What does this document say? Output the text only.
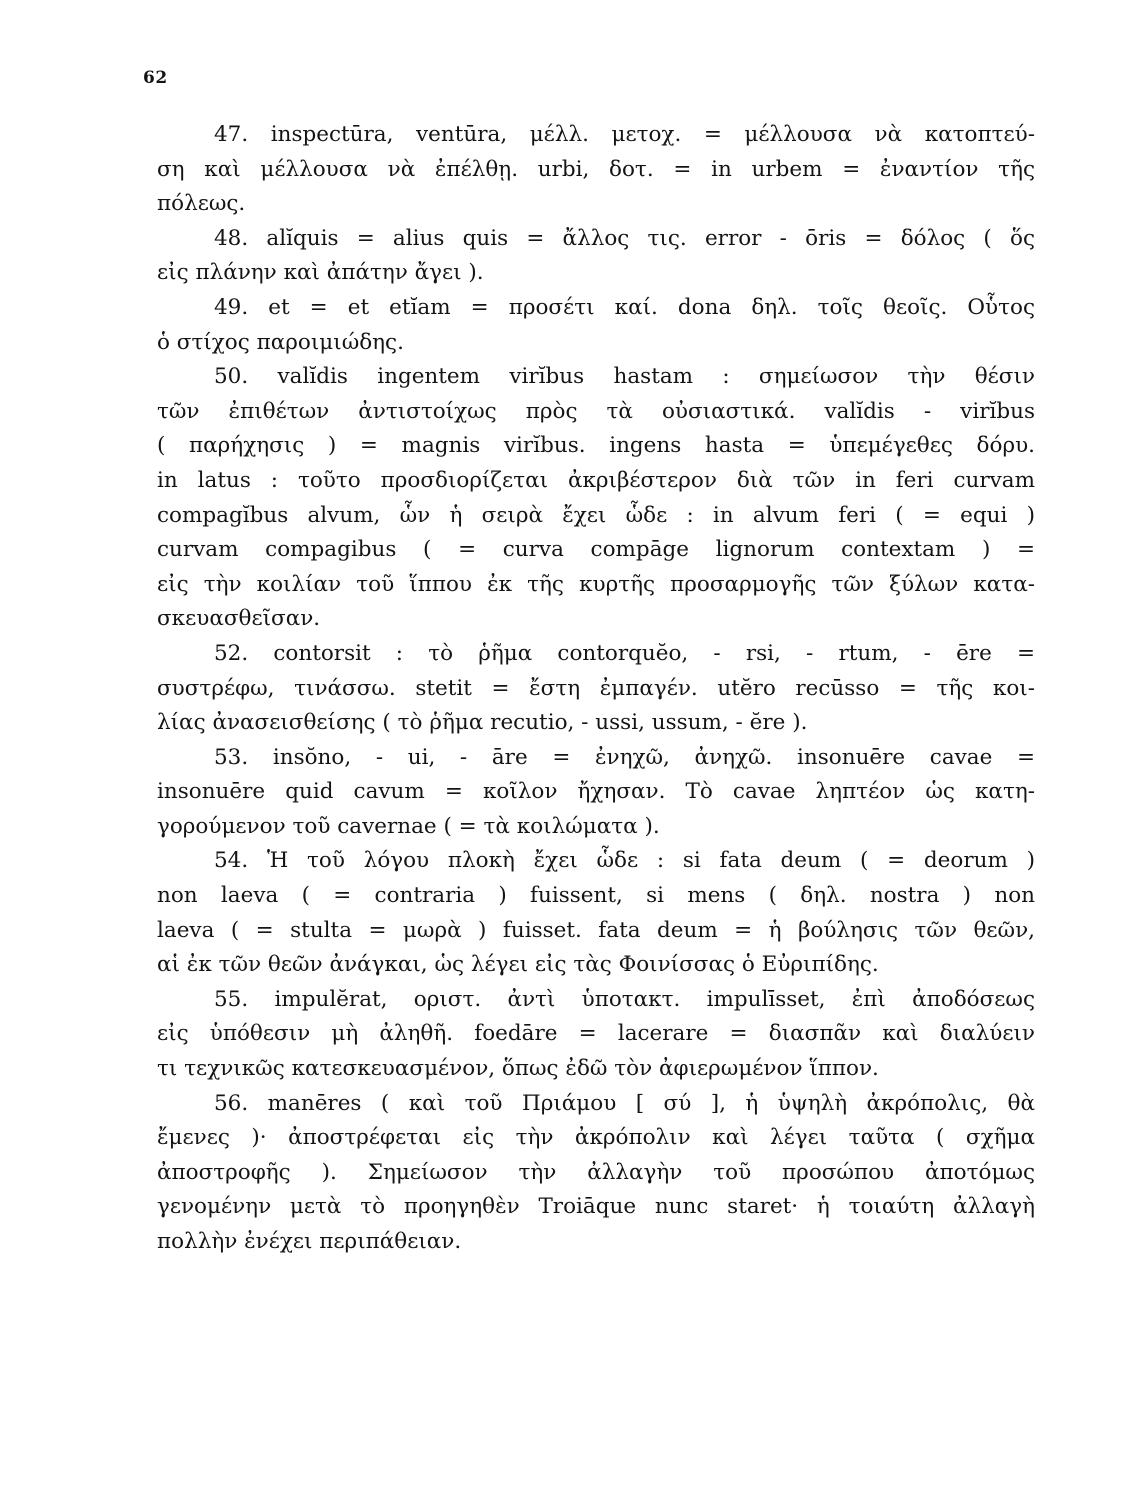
62
47. inspectūra, ventūra, μέλλ. μετοχ. = μέλλουσα νὰ κατοπτεύ-
ση καὶ μέλλουσα νὰ ἐπέλθῃ. urbi, δοτ. = in urbem = ἐναντίον τῆς
πόλεως.
48. alĭquis = alius quis = ἄλλος τις. error - ōris = δόλος ( ὅς
εἰς πλάνην καὶ ἀπάτην ἄγει ).
49. et = et etĭam = προσέτι καί. dona δηλ. τοῖς θεοῖς. Οὗτος
ὁ στίχος παροιμιώδης.
50. valĭdis ingentem virĭbus hastam : σημείωσον τὴν θέσιν
τῶν ἐπιθέτων ἀντιστοίχως πρὸς τὰ οὐσιαστικά. valĭdis - virĭbus
( παρήχησις ) = magnis virĭbus. ingens hasta = ὑπεμέγεθες δόρυ.
in latus : τοῦτο προσδιορίζεται ἀκριβέστερον διὰ τῶν in feri curvam
compagĭbus alvum, ὧν ἡ σειρὰ ἔχει ὧδε : in alvum feri ( = equi )
curvam compagibus ( = curva compāge lignorum contextam ) =
εἰς τὴν κοιλίαν τοῦ ἵππου ἐκ τῆς κυρτῆς προσαρμογῆς τῶν ξύλων κατα-
σκευασθεῖσαν.
52. contorsit : τὸ ῥῆμα contorquĕo, - rsi, - rtum, - ēre =
συστρέφω, τινάσσω. stetit = ἔστη ἐμπαγέν. utĕro recūsso = τῆς κοι-
λίας ἀνασεισθείσης ( τὸ ῥῆμα recutio, - ussi, ussum, - ĕre ).
53. insŏno, - ui, - āre = ἐνηχῶ, ἀνηχῶ. insonuēre cavae =
insonuēre quid cavum = κοῖλον ἤχησαν. Τὸ cavae ληπτέον ὡς κατη-
γορούμενον τοῦ cavernae ( = τὰ κοιλώματα ).
54. Ἡ τοῦ λόγου πλοκὴ ἔχει ὧδε : si fata deum ( = deorum )
non laeva ( = contraria ) fuissent, si mens ( δηλ. nostra ) non
laeva ( = stulta = μωρὰ ) fuisset. fata deum = ἡ βούλησις τῶν θεῶν,
αἱ ἐκ τῶν θεῶν ἀνάγκαι, ὡς λέγει εἰς τὰς Φοινίσσας ὁ Εὐριπίδης.
55. impulĕrat, οριστ. ἀντὶ ὑποτακτ. impulīsset, ἐπὶ ἀποδόσεως
εἰς ὑπόθεσιν μὴ ἀληθῆ. foedāre = lacerare = διασπᾶν καὶ διαλύειν
τι τεχνικῶς κατεσκευασμένον, ὅπως ἐδῶ τὸν ἀφιερωμένον ἵππον.
56. manēres ( καὶ τοῦ Πριάμου [ σύ ], ἡ ὑψηλὴ ἀκρόπολις, θὰ
ἔμενες )· ἀποστρέφεται εἰς τὴν ἀκρόπολιν καὶ λέγει ταῦτα ( σχῆμα
ἀποστροφῆς ). Σημείωσον τὴν ἀλλαγὴν τοῦ προσώπου ἀποτόμως
γενομένην μετὰ τὸ προηγηθὲν Troiāque nunc staret· ἡ τοιαύτη ἀλλαγὴ
πολλὴν ἐνέχει περιπάθειαν.
